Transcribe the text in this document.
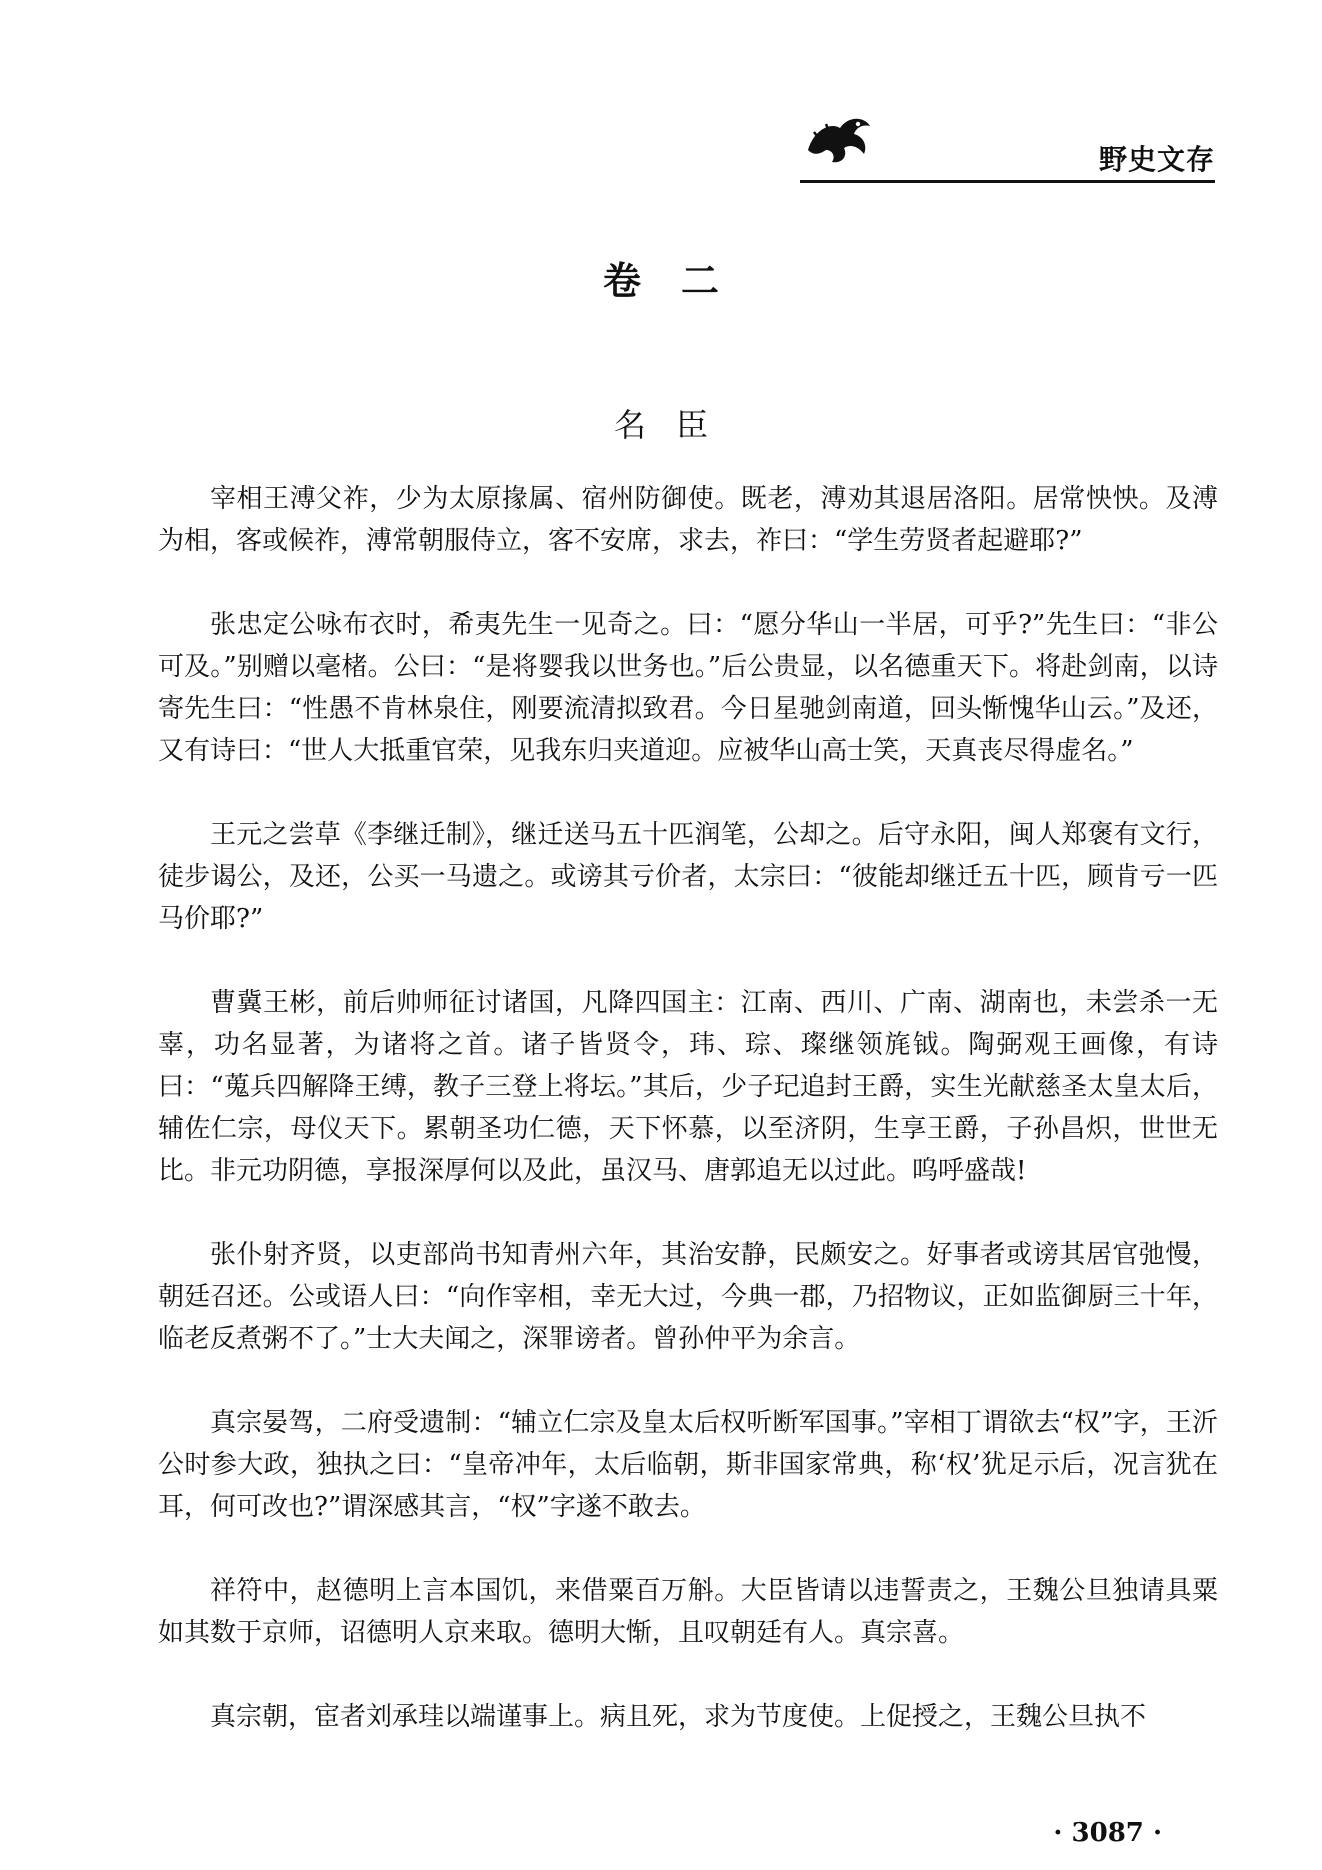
野史文存
卷二
名臣

宰相王溥父祚，少为太原掾属、宿州防御使。既老，溥劝其退居洛阳。居常怏怏。及溥为相，客或候祚，溥常朝服侍立，客不安席，求去，祚曰：“学生劳贤者起避耶?”

张忠定公咏布衣时，希夷先生一见奇之。曰：“愿分华山一半居，可乎?”先生曰：“非公可及。”别赠以毫楮。公曰：“是将婴我以世务也。”后公贵显，以名德重天下。将赴剑南，以诗寄先生曰：“性愚不肯林泉住，刚要流清拟致君。今日星驰剑南道，回头惭愧华山云。”及还，又有诗曰：“世人大抵重官荣，见我东归夹道迎。应被华山高士笑，天真丧尽得虚名。”

王元之尝草《李继迁制》，继迁送马五十匹润笔，公却之。后守永阳，闽人郑褒有文行，徒步谒公，及还，公买一马遗之。或谤其亏价者，太宗曰：“彼能却继迁五十匹，顾肯亏一匹马价耶?”

曹冀王彬，前后帅师征讨诸国，凡降四国主：江南、西川、广南、湖南也，未尝杀一无辜，功名显著，为诸将之首。诸子皆贤令，玮、琮、璨继领旄钺。陶弼观王画像，有诗曰：“蒐兵四解降王缚，教子三登上将坛。”其后，少子玘追封王爵，实生光献慈圣太皇太后，辅佐仁宗，母仪天下。累朝圣功仁德，天下怀慕，以至济阴，生享王爵，子孙昌炽，世世无比。非元功阴德，享报深厚何以及此，虽汉马、唐郭追无以过此。呜呼盛哉!

张仆射齐贤，以吏部尚书知青州六年，其治安静，民颇安之。好事者或谤其居官弛慢，朝廷召还。公或语人曰：“向作宰相，幸无大过，今典一郡，乃招物议，正如监御厨三十年，临老反煮粥不了。”士大夫闻之，深罪谤者。曾孙仲平为余言。

真宗晏驾，二府受遗制：“辅立仁宗及皇太后权听断军国事。”宰相丁谓欲去“权”字，王沂公时参大政，独执之曰：“皇帝冲年，太后临朝，斯非国家常典，称‘权’犹足示后，况言犹在耳，何可改也?”谓深感其言，“权”字遂不敢去。

祥符中，赵德明上言本国饥，来借粟百万斛。大臣皆请以违誓责之，王魏公旦独请具粟如其数于京师，诏德明人京来取。德明大惭，且叹朝廷有人。真宗喜。

真宗朝，宦者刘承珪以端谨事上。病且死，求为节度使。上促授之，王魏公旦执不

· 3087 ·
